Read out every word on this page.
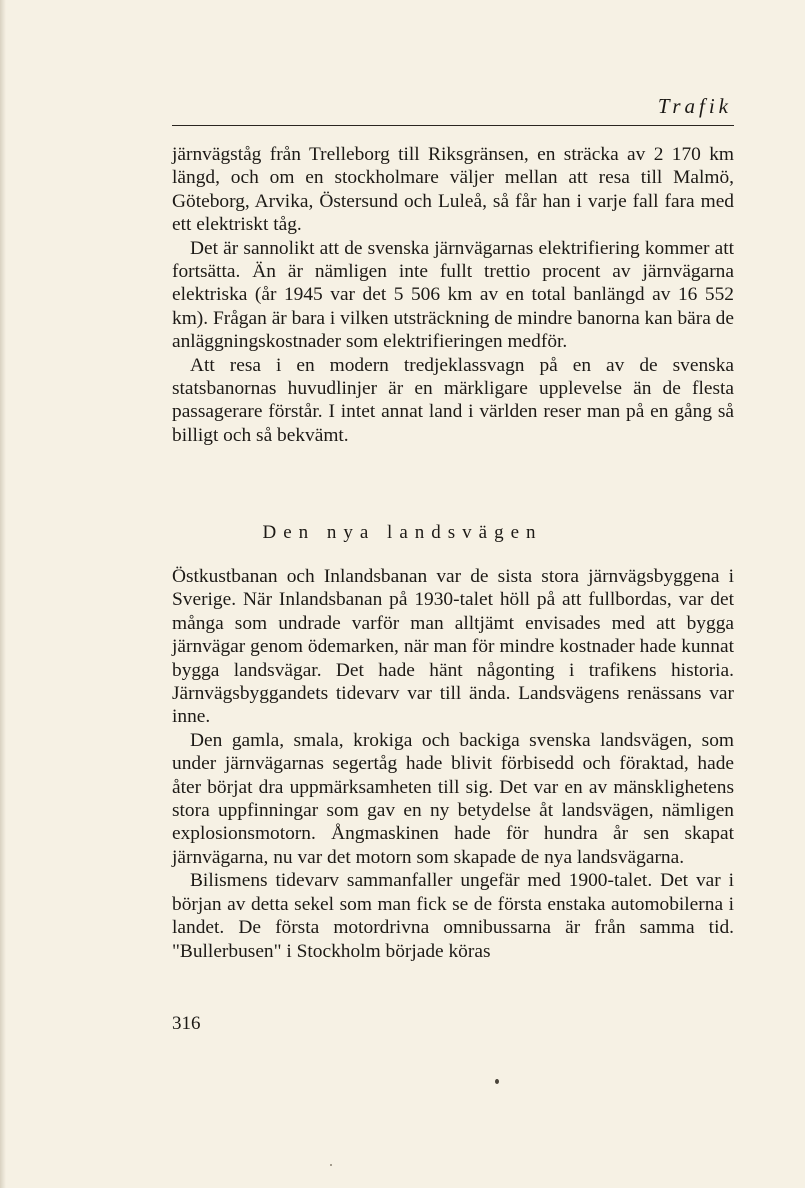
Trafik

järnvägståg från Trelleborg till Riksgränsen, en sträcka av 2 170 km längd, och om en stockholmare väljer mellan att resa till Malmö, Göteborg, Arvika, Östersund och Luleå, så får han i varje fall fara med ett elektriskt tåg.

Det är sannolikt att de svenska järnvägarnas elektrifiering kommer att fortsätta. Än är nämligen inte fullt trettio procent av järnvägarna elektriska (år 1945 var det 5 506 km av en total banlängd av 16 552 km). Frågan är bara i vilken utsträckning de mindre banorna kan bära de anläggningskostnader som elektrifieringen medför.

Att resa i en modern tredjeklassvagn på en av de svenska statsbanornas huvudlinjer är en märkligare upplevelse än de flesta passagerare förstår. I intet annat land i världen reser man på en gång så billigt och så bekvämt.

Den nya landsvägen

Östkustbanan och Inlandsbanan var de sista stora järnvägsbyggena i Sverige. När Inlandsbanan på 1930-talet höll på att fullbordas, var det många som undrade varför man alltjämt envisades med att bygga järnvägar genom ödemarken, när man för mindre kostnader hade kunnat bygga landsvägar. Det hade hänt någonting i trafikens historia. Järnvägsbyggandets tidevarv var till ända. Landsvägens renässans var inne.

Den gamla, smala, krokiga och backiga svenska landsvägen, som under järnvägarnas segertåg hade blivit förbisedd och föraktad, hade åter börjat dra uppmärksamheten till sig. Det var en av mänsklighetens stora uppfinningar som gav en ny betydelse åt landsvägen, nämligen explosionsmotorn. Ångmaskinen hade för hundra år sen skapat järnvägarna, nu var det motorn som skapade de nya landsvägarna.

Bilismens tidevarv sammanfaller ungefär med 1900-talet. Det var i början av detta sekel som man fick se de första enstaka automobilerna i landet. De första motordrivna omnibussarna är från samma tid. "Bullerbusen" i Stockholm började köras

316
